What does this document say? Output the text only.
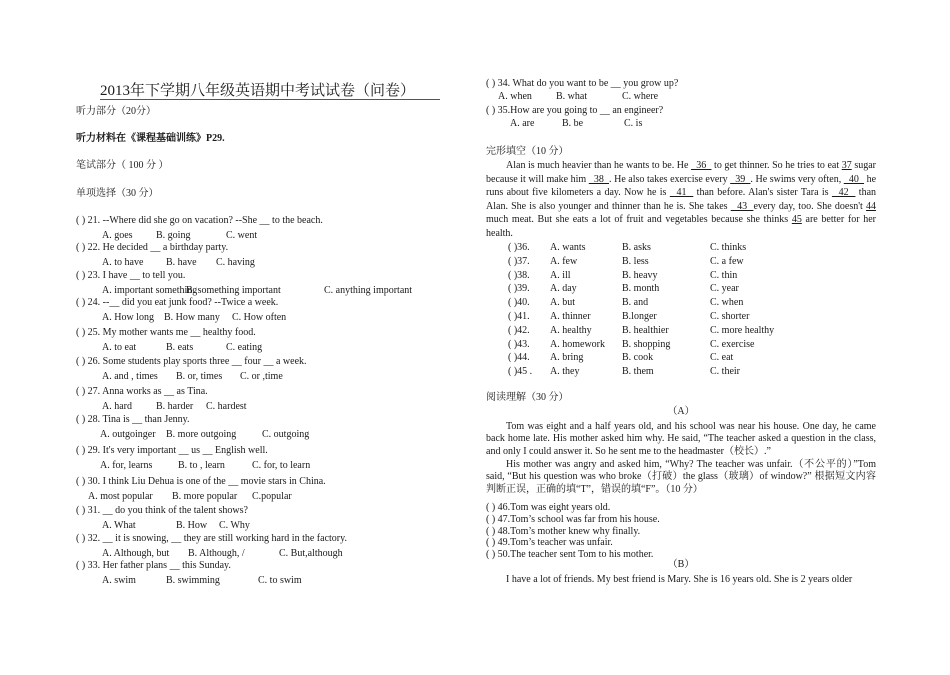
2013年下学期八年级英语期中考试试卷（问卷）
听力部分（20分）
听力材料在《课程基础训练》P29.
笔试部分（ 100 分 ）
单项选择（30 分）
( ) 21. --Where did she go on vacation? --She __ to the beach.
A. goes B. going	C. went
( ) 22. He decided __ a birthday party.
A. to have B. have C. having
( ) 23. I have __ to tell you.
A. important something
B. something important	C. anything important
( ) 24. --__ did you eat junk food? --Twice a week.
A. How long B. How many C. How often
( ) 25. My mother wants me __ healthy food.
A. to eat	B. eats	C. eating
( ) 26. Some students play sports three __ four __ a week.
A. and , times B. or, times C. or ,time
( ) 27. Anna works as __ as Tina.
A. hard B. harder C. hardest
( ) 28. Tina is __ than Jenny.
A. outgoinger B. more outgoing	C. outgoing
( ) 29. It's very important __ us __ English well.
A. for, learns	B. to , learn	C. for, to learn
( ) 30. I think Liu Dehua is one of the __ movie stars in China.
A. most popular B. more popular C.popular
( ) 31. __ do you think of the talent shows?
A. What	B. How C. Why
( ) 32. __ it is snowing, __ they are still working hard in the factory.
A. Although, but B. Although, /	C. But,although
( ) 33. Her father plans __ this Sunday.
A. swim	B. swimming	C. to swim
( ) 34. What do you want to be __ you grow up?
A. when B. what	C. where
( ) 35.How are you going to __ an engineer?
A. are	B. be	C. is
完形填空（10 分）
Alan is much heavier than he wants to be. He   36   to get thinner. So he tries to eat 37 sugar because it will make him   38  . He also takes exercise every   39  . He swims very often,   40   he runs about five kilometers a day. Now he is   41   than before. Alan's sister Tara is   42   than Alan. She is also younger and thinner than he is. She takes   43  every day, too. She doesn't 44 much meat. But she eats a lot of fruit and vegetables because she thinks 45 are better for her health.
( )36. A. wants	B. asks	C. thinks
( )37. A. few	B. less	C. a few
( )38. A. ill	B. heavy	C. thin
( )39. A. day	B. month	C. year
( )40. A. but	B. and	C. when
( )41. A. thinner	B.longer	C. shorter
( )42. A. healthy	B. healthier	C. more healthy
( )43. A. homework B. shopping	C. exercise
( )44. A. bring	B. cook	C. eat
( )45 . A. they	B. them	C. their
阅读理解（30 分）
（A）
Tom was eight and a half years old, and his school was near his house. One day, he came back home late. His mother asked him why. He said, “The teacher asked a question in the class, and only I could answer it. So he sent me to the headmaster（校长）.”
His mother was angry and asked him, “Why? The teacher was unfair.（不公平的）”Tom said, “But his question was who broke（打破）the glass（玻璃）of window?” 根据短文内容判断正误，正确的填“T”，错误的填“F”。（10 分）
( ) 46.Tom was eight years old.
( ) 47.Tom’s school was far from his house.
( ) 48.Tom’s mother knew why finally.
( ) 49.Tom’s teacher was unfair.
( ) 50.The teacher sent Tom to his mother.
（B）
I have a lot of friends. My best friend is Mary. She is 16 years old. She is 2 years older
